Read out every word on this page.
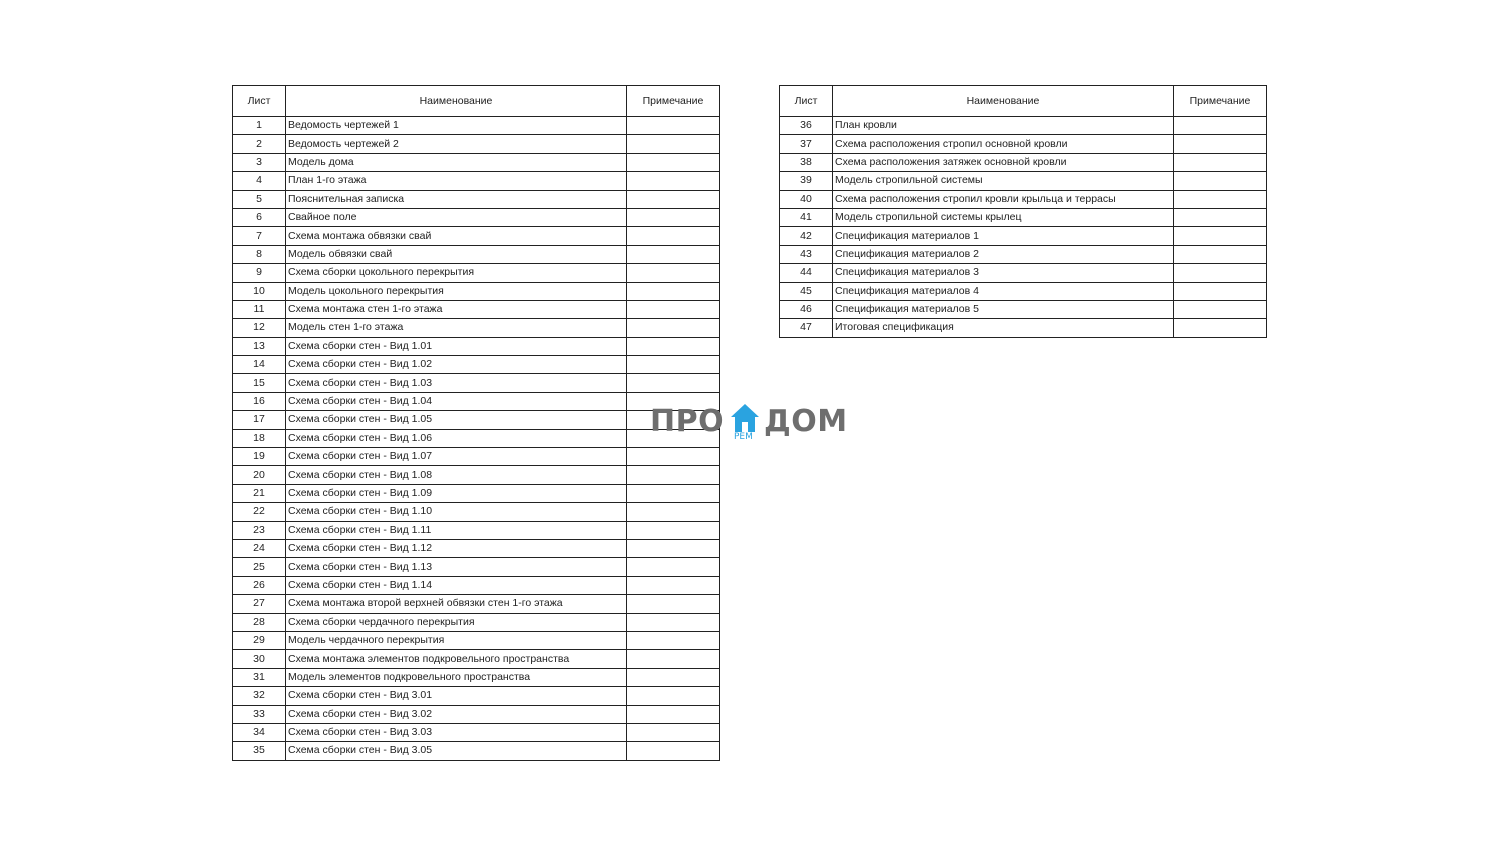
Лист	Наименование	Примечание
1	Ведомость чертежей 1	
2	Ведомость чертежей 2	
3	Модель дома	
4	План 1-го этажа	
5	Пояснительная записка	
6	Свайное поле	
7	Схема монтажа обвязки свай	
8	Модель обвязки свай	
9	Схема сборки цокольного перекрытия	
10	Модель цокольного перекрытия	
11	Схема монтажа стен 1-го этажа	
12	Модель стен 1-го этажа	
13	Схема сборки стен - Вид 1.01	
14	Схема сборки стен - Вид 1.02	
15	Схема сборки стен - Вид 1.03	
16	Схема сборки стен - Вид 1.04	
17	Схема сборки стен - Вид 1.05	
18	Схема сборки стен - Вид 1.06	
19	Схема сборки стен - Вид 1.07	
20	Схема сборки стен - Вид 1.08	
21	Схема сборки стен - Вид 1.09	
22	Схема сборки стен - Вид 1.10	
23	Схема сборки стен - Вид 1.11	
24	Схема сборки стен - Вид 1.12	
25	Схема сборки стен - Вид 1.13	
26	Схема сборки стен - Вид 1.14	
27	Схема монтажа второй верхней обвязки стен 1-го этажа	
28	Схема сборки чердачного перекрытия	
29	Модель чердачного перекрытия	
30	Схема монтажа элементов подкровельного пространства	
31	Модель элементов подкровельного пространства	
32	Схема сборки стен - Вид 3.01	
33	Схема сборки стен - Вид 3.02	
34	Схема сборки стен - Вид 3.03	
35	Схема сборки стен - Вид 3.05	
Лист	Наименование	Примечание
36	План кровли	
37	Схема расположения стропил основной кровли	
38	Схема расположения затяжек основной кровли	
39	Модель стропильной системы	
40	Схема расположения стропил кровли крыльца и террасы	
41	Модель стропильной системы крылец	
42	Спецификация материалов 1	
43	Спецификация материалов 2	
44	Спецификация материалов 3	
45	Спецификация материалов 4	
46	Спецификация материалов 5	
47	Итоговая спецификация	
ПРО РЕМ ДОМ
